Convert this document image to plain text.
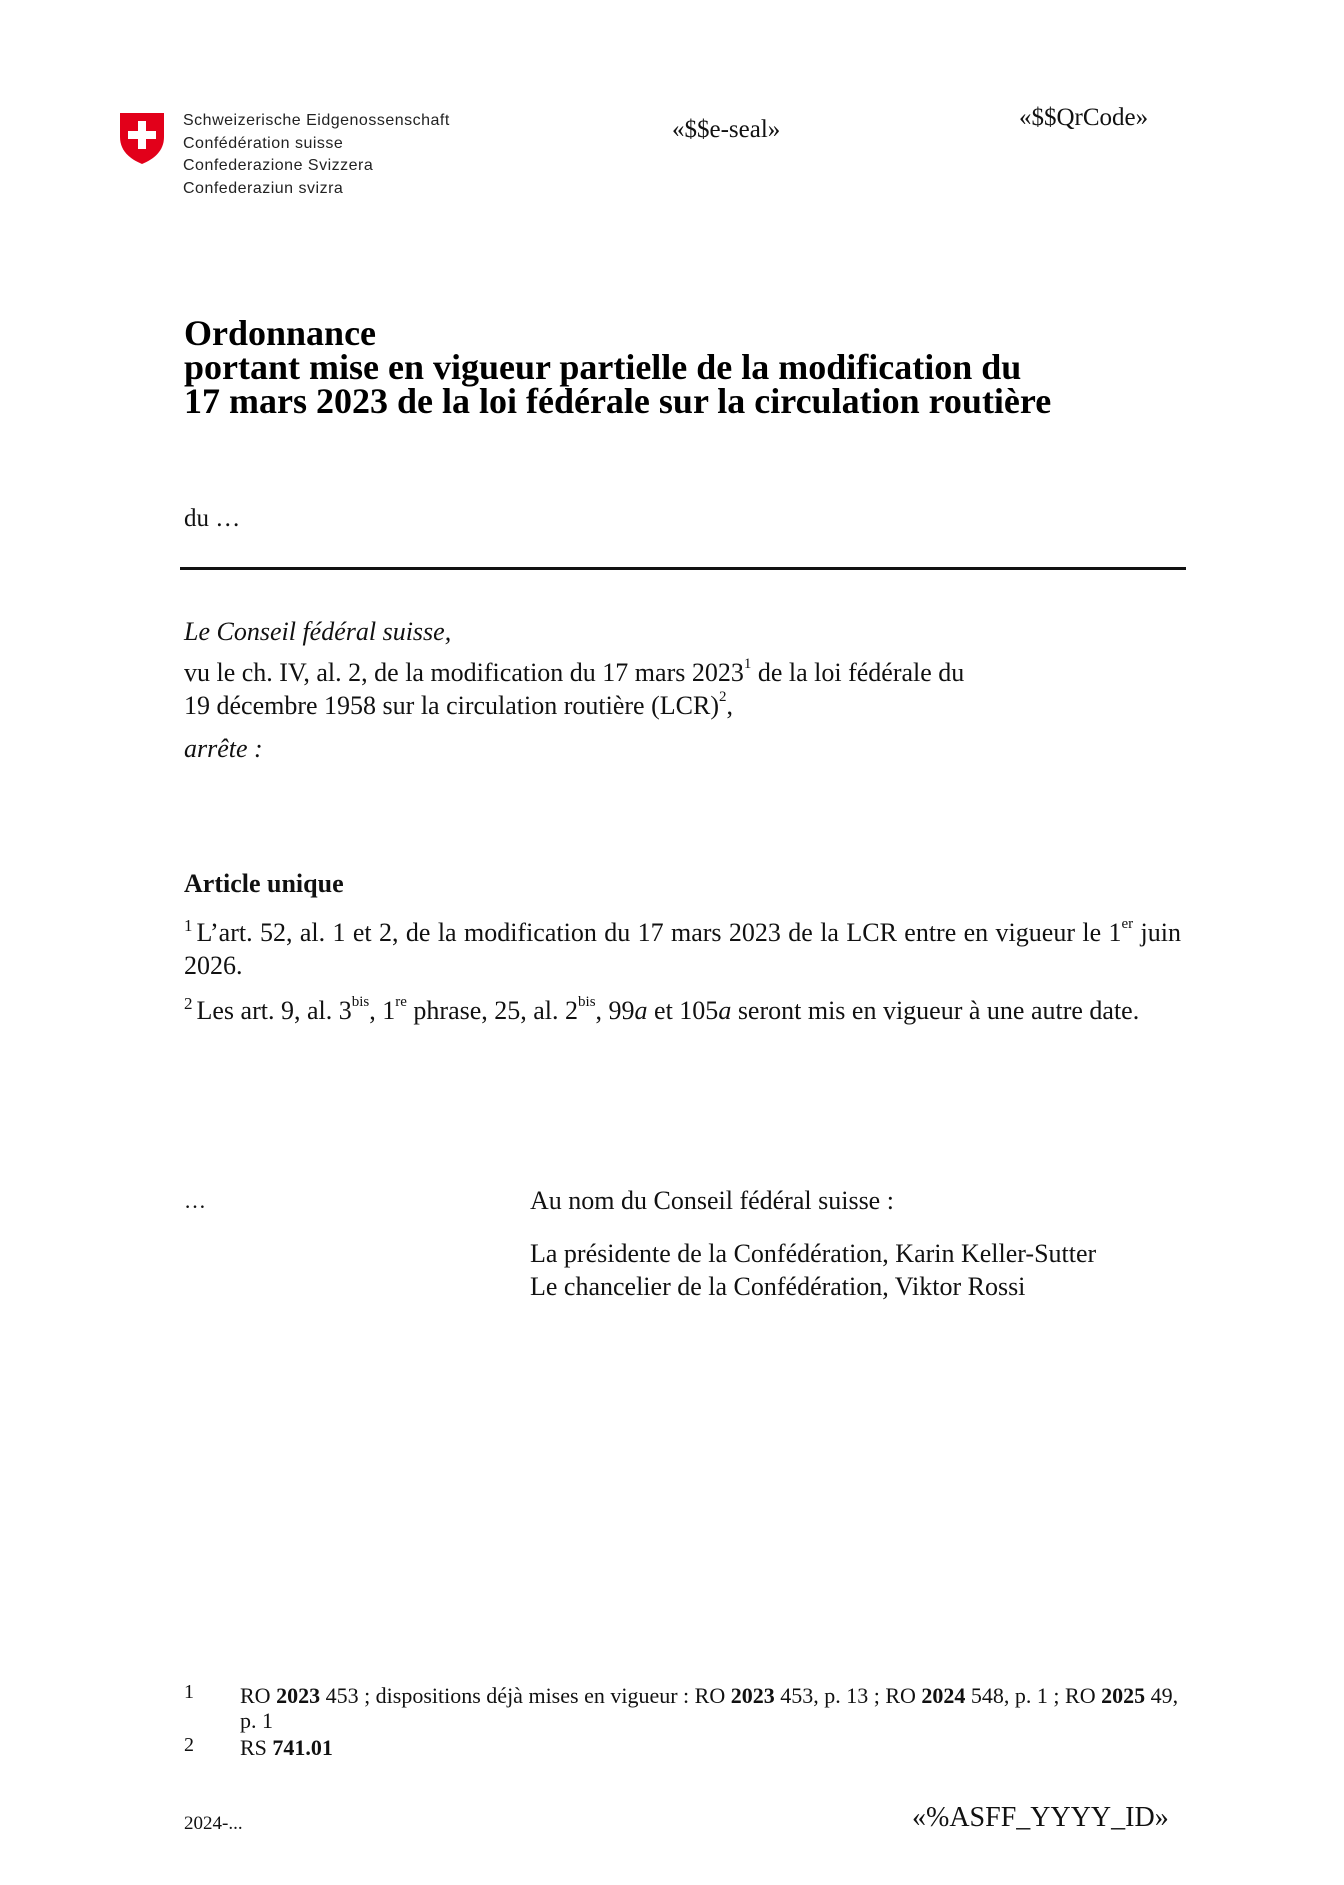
Schweizerische Eidgenossenschaft
Confédération suisse
Confederazione Svizzera
Confederaziun svizra
«$$e-seal»	«$$QrCode»
Ordonnance
portant mise en vigueur partielle de la modification du
17 mars 2023 de la loi fédérale sur la circulation routière
du …
Le Conseil fédéral suisse,
vu le ch. IV, al. 2, de la modification du 17 mars 2023$^1$ de la loi fédérale du
19 décembre 1958 sur la circulation routière (LCR)$^2$,
arrête :
Article unique
$^1$ L’art. 52, al. 1 et 2, de la modification du 17 mars 2023 de la LCR entre en vigueur le 1er juin 2026.
$^2$ Les art. 9, al. $3^{bis}$, 1re phrase, 25, al. $2^{bis}$, 99a et 105a seront mis en vigueur à une autre date.
…	Au nom du Conseil fédéral suisse :
La présidente de la Confédération, Karin Keller-Sutter
Le chancelier de la Confédération, Viktor Rossi
1 RO 2023 453 ; dispositions déjà mises en vigueur : RO 2023 453, p. 13 ; RO 2024 548, p. 1 ; RO 2025 49, p. 1
2 RS 741.01
2024-...	«%ASFF_YYYY_ID»
